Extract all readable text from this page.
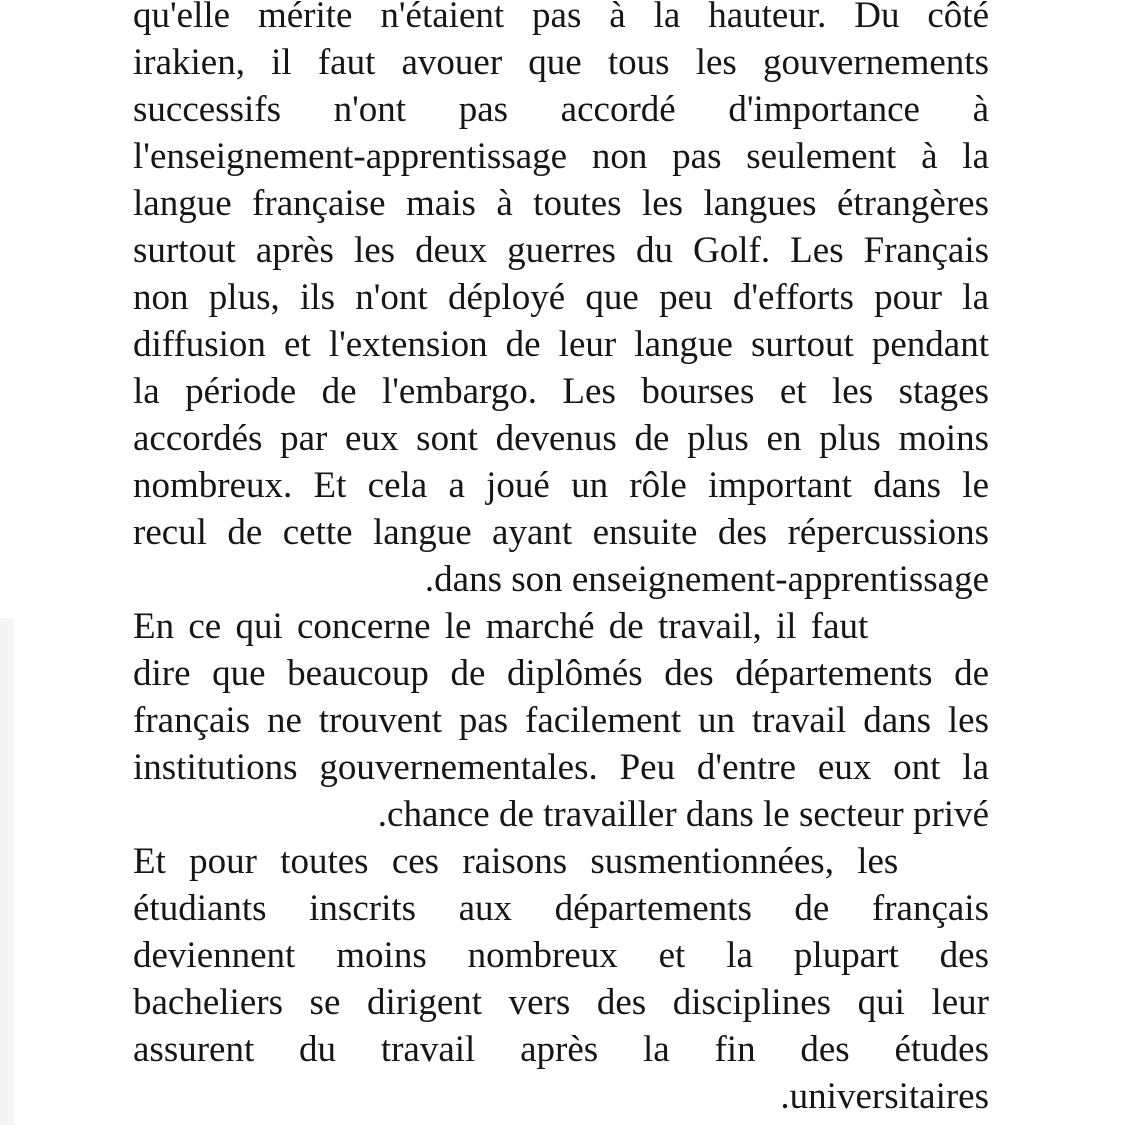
qu'elle mérite n'étaient pas à la hauteur. Du côté
irakien, il faut avouer que tous les gouvernements
successifs n'ont pas accordé d'importance à
l'enseignement-apprentissage non pas seulement à la
langue française mais à toutes les langues étrangères
surtout après les deux guerres du Golf. Les Français
non plus, ils n'ont déployé que peu d'efforts pour la
diffusion et l'extension de leur langue surtout pendant
la période de l'embargo. Les bourses et les stages
accordés par eux sont devenus de plus en plus moins
nombreux. Et cela a joué un rôle important dans le
recul de cette langue ayant ensuite des répercussions
.dans son enseignement-apprentissage
En ce qui concerne le marché de travail, il faut
dire que beaucoup de diplômés des départements de
français ne trouvent pas facilement un travail dans les
institutions gouvernementales. Peu d'entre eux ont la
.chance de travailler dans le secteur privé
Et pour toutes ces raisons susmentionnées, les
étudiants inscrits aux départements de français
deviennent moins nombreux et la plupart des
bacheliers se dirigent vers des disciplines qui leur
assurent du travail après la fin des études
.universitaires
